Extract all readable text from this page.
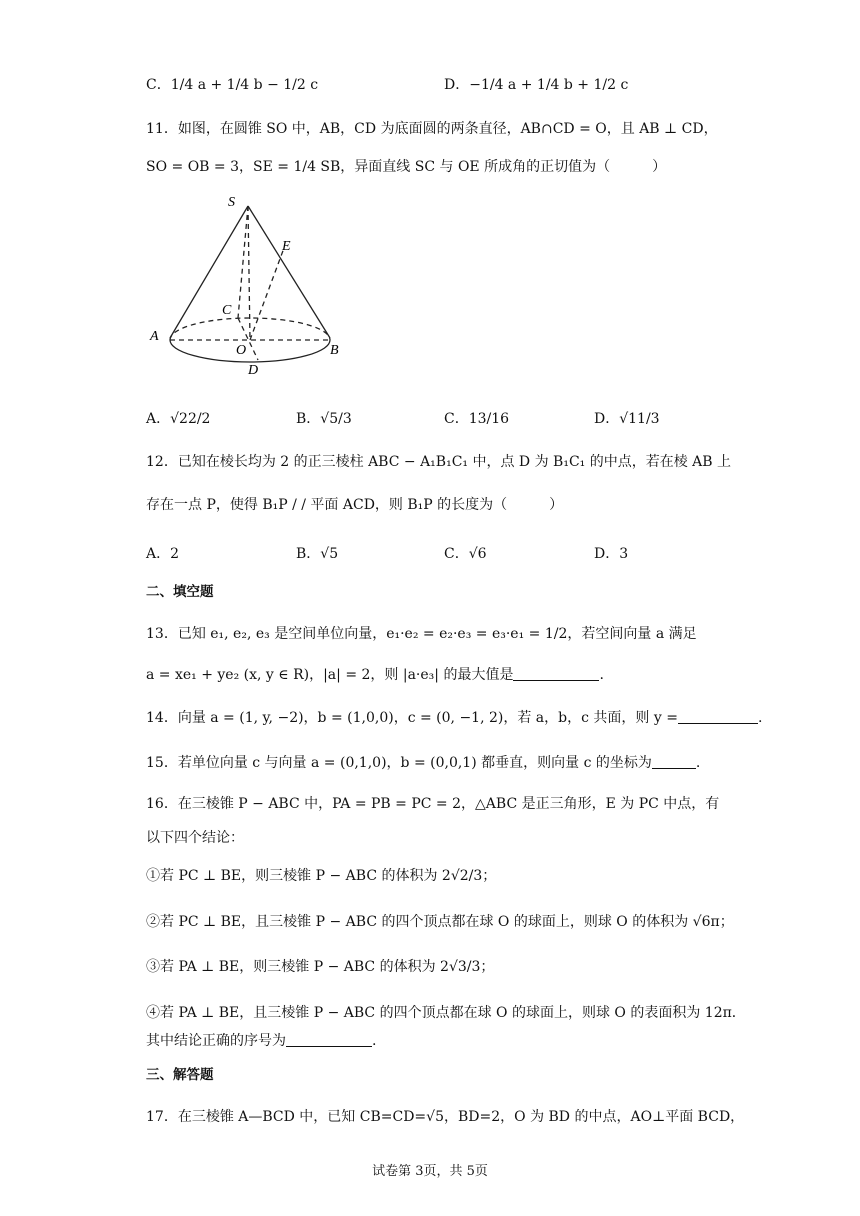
C．1/4 a + 1/4 b − 1/2 c	D．−1/4 a + 1/4 b + 1/2 c
11．如图，在圆锥 SO 中，AB，CD 为底面圆的两条直径，AB∩CD = O，且 AB ⊥ CD，
SO = OB = 3，SE = 1/4 SB，异面直线 SC 与 OE 所成角的正切值为（　　　）
S
E
C
A
O	B
D
A．√22/2	B．√5/3	C．13/16	D．√11/3
12．已知在棱长均为 2 的正三棱柱 ABC − A₁B₁C₁ 中，点 D 为 B₁C₁ 的中点，若在棱 AB 上
存在一点 P，使得 B₁P / / 平面 ACD，则 B₁P 的长度为（　　　）
A．2	B．√5	C．√6	D．3
二、填空题
13．已知 e₁, e₂, e₃ 是空间单位向量，e₁·e₂ = e₂·e₃ = e₃·e₁ = 1/2，若空间向量 a 满足
a = xe₁ + ye₂ (x, y ∈ R)，|a| = 2，则 |a·e₃| 的最大值是	.
14．向量 a = (1, y, −2)，b = (1,0,0)，c = (0, −1, 2)，若 a，b，c 共面，则 y =	.
15．若单位向量 c 与向量 a = (0,1,0)，b = (0,0,1) 都垂直，则向量 c 的坐标为	.
16．在三棱锥 P − ABC 中，PA = PB = PC = 2，△ABC 是正三角形，E 为 PC 中点，有
以下四个结论：
①若 PC ⊥ BE，则三棱锥 P − ABC 的体积为 2√2/3；
②若 PC ⊥ BE，且三棱锥 P − ABC 的四个顶点都在球 O 的球面上，则球 O 的体积为 √6π；
③若 PA ⊥ BE，则三棱锥 P − ABC 的体积为 2√3/3；
④若 PA ⊥ BE，且三棱锥 P − ABC 的四个顶点都在球 O 的球面上，则球 O 的表面积为 12π．
其中结论正确的序号为	.
三、解答题
17．在三棱锥 A—BCD 中，已知 CB=CD=√5，BD=2，O 为 BD 的中点，AO⊥平面 BCD，
试卷第 3页，共 5页
